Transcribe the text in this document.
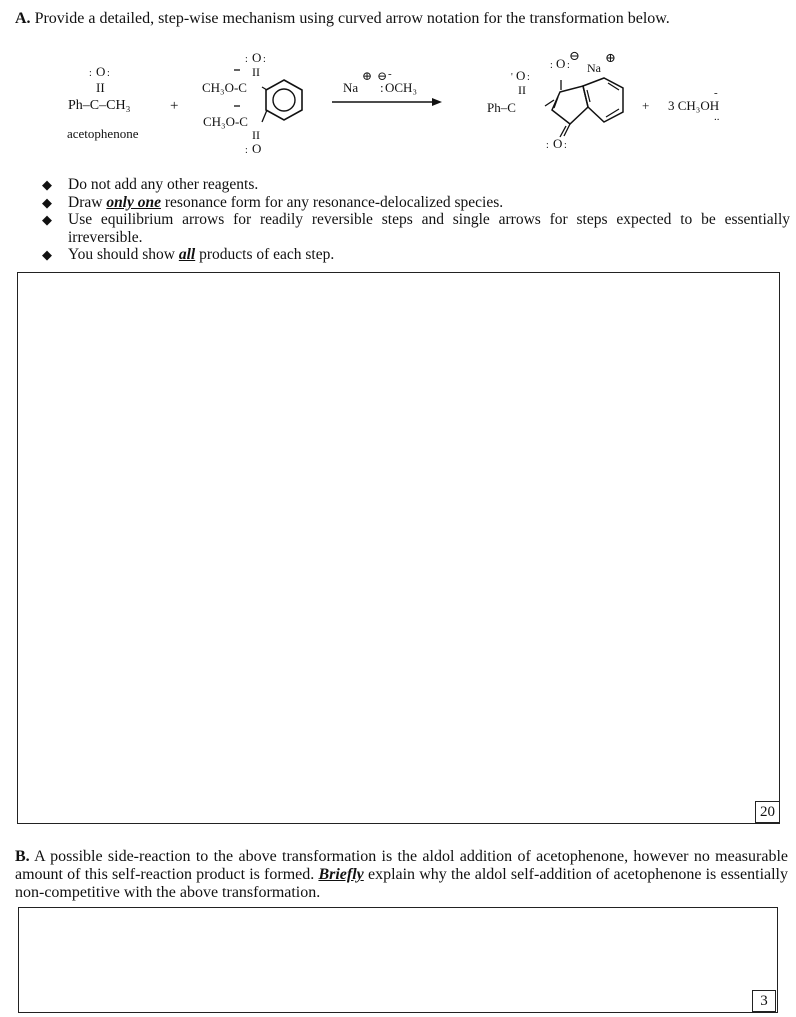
A. Provide a detailed, step-wise mechanism using curved arrow notation for the transformation below.
O
: :
II
Ph–C–CH₃
acetophenone
+
O
: :
II
CH₃O-C
CH₃O-C
II
O
:
⊕ ⊖ -
Na : OCH₃
O
' :
O
: :
⊖
Na
⊕
II
Ph–C
O
: :
+ 3 CH₃OH
-
..
◆	Do not add any other reagents.
◆	Draw only one resonance form for any resonance-delocalized species.
◆	Use equilibrium arrows for readily reversible steps and single arrows for steps expected to be essentially irreversible.
◆	You should show all products of each step.
20
B. A possible side-reaction to the above transformation is the aldol addition of acetophenone, however no measurable amount of this self-reaction product is formed. Briefly explain why the aldol self-addition of acetophenone is essentially non-competitive with the above transformation.
3
